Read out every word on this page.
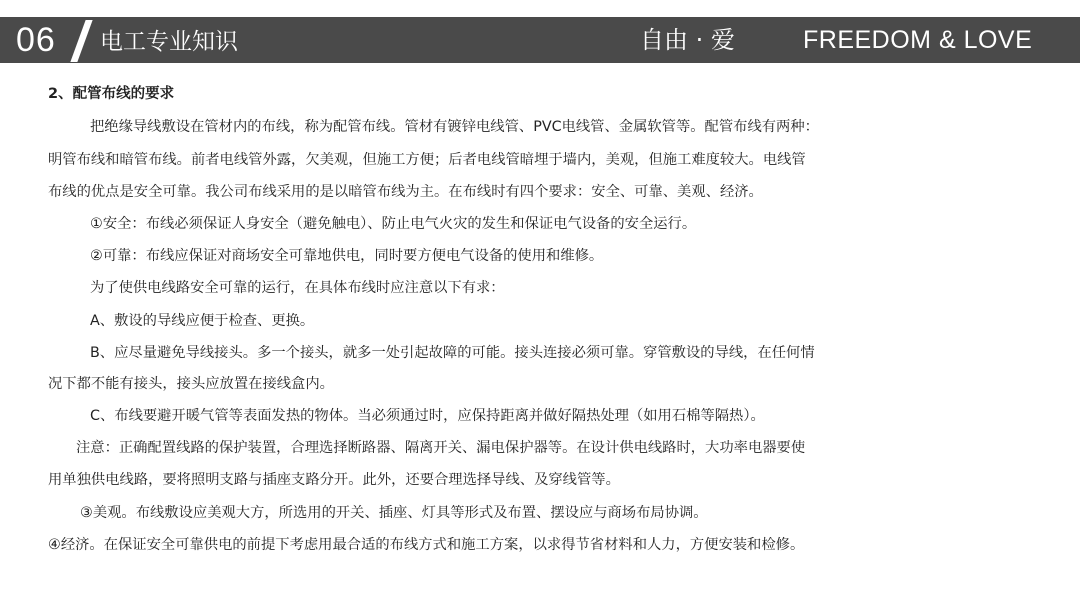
06 电工专业知识	自由 · 爱	FREEDOM & LOVE
2、配管布线的要求
把绝缘导线敷设在管材内的布线，称为配管布线。管材有镀锌电线管、PVC电线管、金属软管等。配管布线有两种：
明管布线和暗管布线。前者电线管外露，欠美观，但施工方便；后者电线管暗埋于墙内，美观，但施工难度较大。电线管
布线的优点是安全可靠。我公司布线采用的是以暗管布线为主。在布线时有四个要求：安全、可靠、美观、经济。
①安全：布线必须保证人身安全（避免触电）、防止电气火灾的发生和保证电气设备的安全运行。
②可靠：布线应保证对商场安全可靠地供电，同时要方便电气设备的使用和维修。
为了使供电线路安全可靠的运行，在具体布线时应注意以下有求：
A、敷设的导线应便于检查、更换。
B、应尽量避免导线接头。多一个接头，就多一处引起故障的可能。接头连接必须可靠。穿管敷设的导线，在任何情
况下都不能有接头，接头应放置在接线盒内。
C、布线要避开暖气管等表面发热的物体。当必须通过时，应保持距离并做好隔热处理（如用石棉等隔热）。
注意：正确配置线路的保护装置，合理选择断路器、隔离开关、漏电保护器等。在设计供电线路时，大功率电器要使
用单独供电线路，要将照明支路与插座支路分开。此外，还要合理选择导线、及穿线管等。
③美观。布线敷设应美观大方，所选用的开关、插座、灯具等形式及布置、摆设应与商场布局协调。
④经济。在保证安全可靠供电的前提下考虑用最合适的布线方式和施工方案，以求得节省材料和人力，方便安装和检修。
